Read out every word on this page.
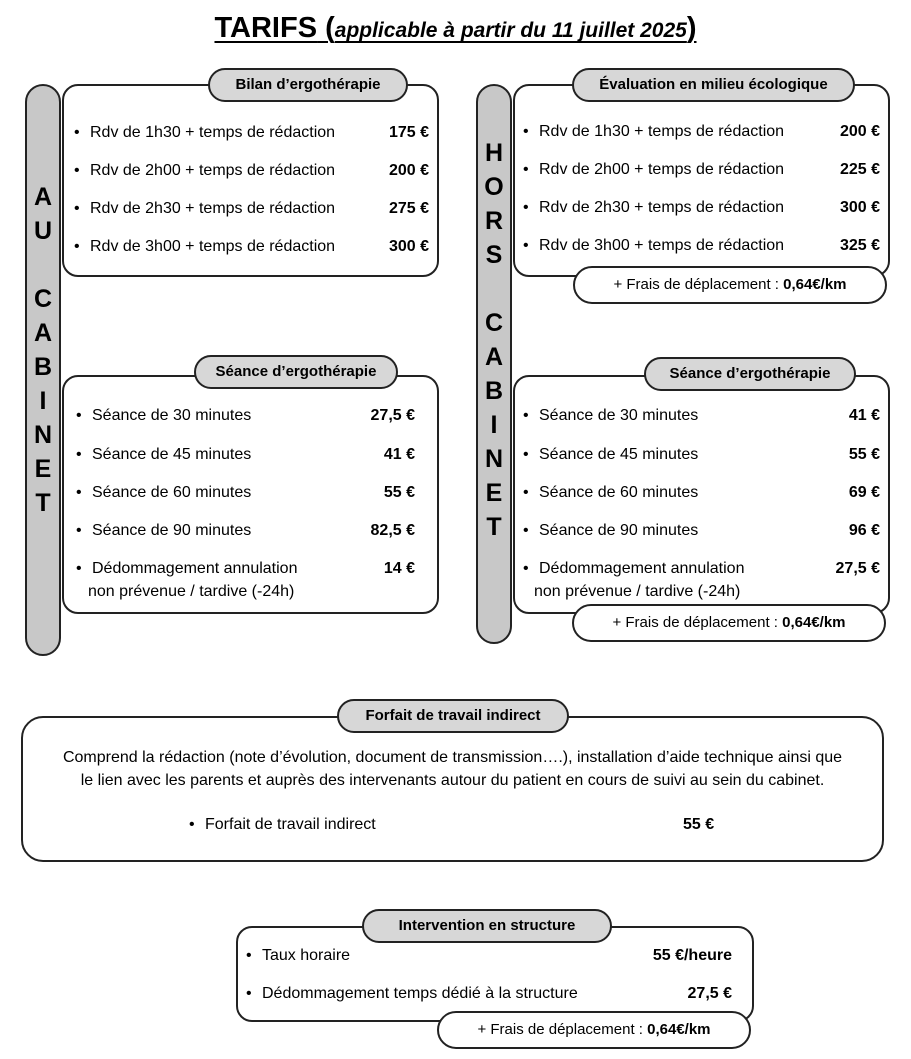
TARIFS (applicable à partir du 11 juillet 2025)
A
U
C
A
B
I
N
E
T
• Rdv de 1h30 + temps de rédaction	175 €
• Rdv de 2h00 + temps de rédaction	200 €
• Rdv de 2h30 + temps de rédaction	275 €
• Rdv de 3h00 + temps de rédaction	300 €
Bilan d’ergothérapie
• Séance de 30 minutes	27,5 €
• Séance de 45 minutes	41 €
• Séance de 60 minutes	55 €
• Séance de 90 minutes	82,5 €
• Dédommagement annulation	14 €
non prévenue / tardive (-24h)
Séance d’ergothérapie
H
O
R
S
C
A
B
I
N
E
T
• Rdv de 1h30 + temps de rédaction	200 €
• Rdv de 2h00 + temps de rédaction	225 €
• Rdv de 2h30 + temps de rédaction	300 €
• Rdv de 3h00 + temps de rédaction	325 €
Évaluation en milieu écologique
+ Frais de déplacement : 0,64€/km
• Séance de 30 minutes	41 €
• Séance de 45 minutes	55 €
• Séance de 60 minutes	69 €
• Séance de 90 minutes	96 €
• Dédommagement annulation	27,5 €
non prévenue / tardive (-24h)
Séance d’ergothérapie
+ Frais de déplacement : 0,64€/km
Comprend la rédaction (note d’évolution, document de transmission….), installation d’aide technique ainsi que
le lien avec les parents et auprès des intervenants autour du patient en cours de suivi au sein du cabinet.
• Forfait de travail indirect	55 €
Forfait de travail indirect
• Taux horaire	55 €/heure
• Dédommagement temps dédié à la structure	27,5 €
Intervention en structure
+ Frais de déplacement : 0,64€/km
